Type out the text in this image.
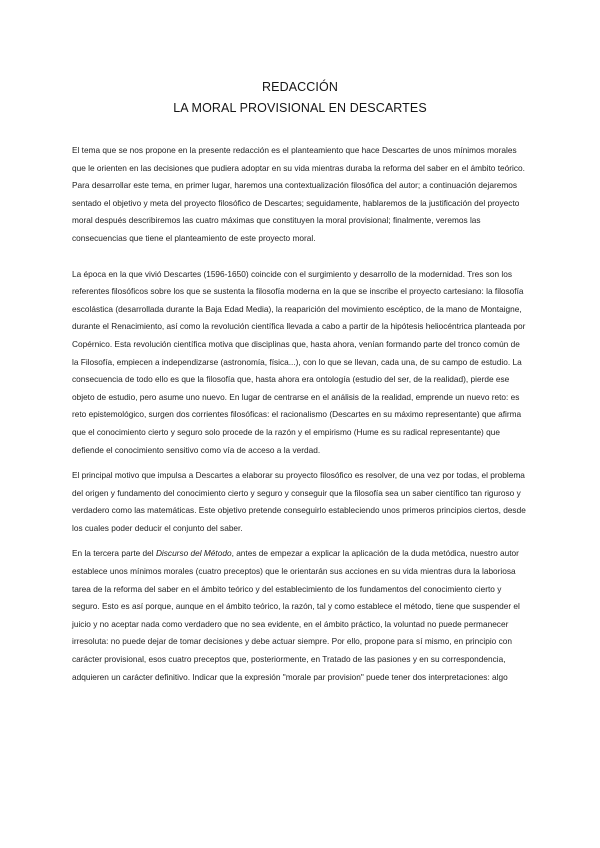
REDACCIÓN
LA MORAL PROVISIONAL EN DESCARTES

El tema que se nos propone en la presente redacción es el planteamiento que hace Descartes de unos mínimos morales que le orienten en las decisiones que pudiera adoptar en su vida mientras duraba la reforma del saber en el ámbito teórico.

Para desarrollar este tema, en primer lugar, haremos una contextualización filosófica del autor; a continuación dejaremos sentado el objetivo y meta del proyecto filosófico de Descartes; seguidamente, hablaremos de la justificación del proyecto moral después describiremos las cuatro máximas que constituyen la moral provisional; finalmente, veremos las consecuencias que tiene el planteamiento de este proyecto moral.

La época en la que vivió Descartes (1596-1650) coincide con el surgimiento y desarrollo de la modernidad. Tres son los referentes filosóficos sobre los que se sustenta la filosofía moderna en la que se inscribe el proyecto cartesiano: la filosofía escolástica (desarrollada durante la Baja Edad Media), la reaparición del movimiento escéptico, de la mano de Montaigne, durante el Renacimiento, así como la revolución científica llevada a cabo a partir de la hipótesis heliocéntrica planteada por Copérnico. Esta revolución científica motiva que disciplinas que, hasta ahora, venían formando parte del tronco común de la Filosofía, empiecen a independizarse (astronomía, física...), con lo que se llevan, cada una, de su campo de estudio. La consecuencia de todo ello es que la filosofía que, hasta ahora era ontología (estudio del ser, de la realidad), pierde ese objeto de estudio, pero asume uno nuevo. En lugar de centrarse en el análisis de la realidad, emprende un nuevo reto: es reto epistemológico, surgen dos corrientes filosóficas: el racionalismo (Descartes en su máximo representante) que afirma que el conocimiento cierto y seguro solo procede de la razón y el empirismo (Hume es su radical representante) que defiende el conocimiento sensitivo como vía de acceso a la verdad.

El principal motivo que impulsa a Descartes a elaborar su proyecto filosófico es resolver, de una vez por todas, el problema del origen y fundamento del conocimiento cierto y seguro y conseguir que la filosofía sea un saber científico tan riguroso y verdadero como las matemáticas. Este objetivo pretende conseguirlo estableciendo unos primeros principios ciertos, desde los cuales poder deducir el conjunto del saber.

En la tercera parte del Discurso del Método, antes de empezar a explicar la aplicación de la duda metódica, nuestro autor establece unos mínimos morales (cuatro preceptos) que le orientarán sus acciones en su vida mientras dura la laboriosa tarea de la reforma del saber en el ámbito teórico y del establecimiento de los fundamentos del conocimiento cierto y seguro. Esto es así porque, aunque en el ámbito teórico, la razón, tal y como establece el método, tiene que suspender el juicio y no aceptar nada como verdadero que no sea evidente, en el ámbito práctico, la voluntad no puede permanecer irresoluta: no puede dejar de tomar decisiones y debe actuar siempre. Por ello, propone para sí mismo, en principio con carácter provisional, esos cuatro preceptos que, posteriormente, en Tratado de las pasiones y en su correspondencia, adquieren un carácter definitivo. Indicar que la expresión "morale par provision" puede tener dos interpretaciones: algo
